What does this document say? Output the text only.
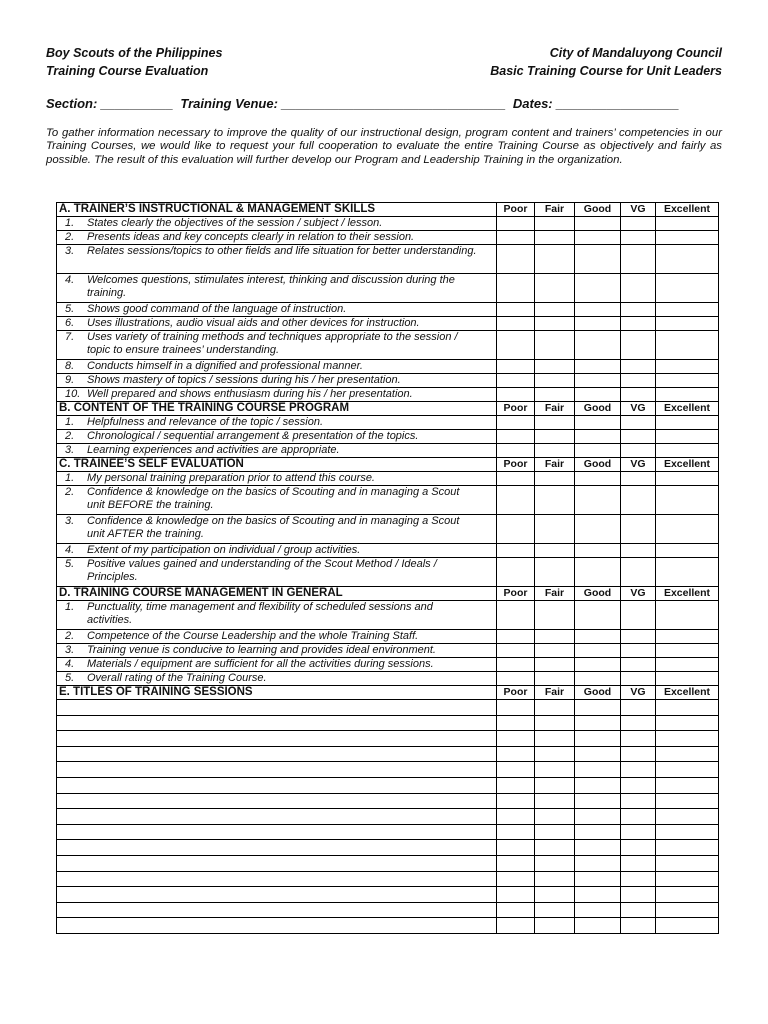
Boy Scouts of the Philippines	City of Mandaluyong Council
Training Course Evaluation	Basic Training Course for Unit Leaders
Section: __________  Training Venue: _______________________________  Dates: _________________
To gather information necessary to improve the quality of our instructional design, program content and trainers’ competencies in our Training Courses, we would like to request your full cooperation to evaluate the entire Training Course as objectively and fairly as possible. The result of this evaluation will further develop our Program and Leadership Training in the organization.
A. TRAINER’S INSTRUCTIONAL & MANAGEMENT SKILLS	Poor	Fair	Good	VG	Excellent
1. States clearly the objectives of the session / subject / lesson.					
2. Presents ideas and key concepts clearly in relation to their session.					
3. Relates sessions/topics to other fields and life situation for better understanding.					
4. Welcomes questions, stimulates interest, thinking and discussion during the training.					
5. Shows good command of the language of instruction.					
6. Uses illustrations, audio visual aids and other devices for instruction.					
7. Uses variety of training methods and techniques appropriate to the session / topic to ensure trainees’ understanding.					
8. Conducts himself in a dignified and professional manner.					
9. Shows mastery of topics / sessions during his / her presentation.					
10. Well prepared and shows enthusiasm during his / her presentation.					
B. CONTENT OF THE TRAINING COURSE PROGRAM	Poor	Fair	Good	VG	Excellent
1. Helpfulness and relevance of the topic / session.					
2. Chronological / sequential arrangement & presentation of the topics.					
3. Learning experiences and activities are appropriate.					
C. TRAINEE’S SELF EVALUATION	Poor	Fair	Good	VG	Excellent
1. My personal training preparation prior to attend this course.					
2. Confidence & knowledge on the basics of Scouting and in managing a Scout unit BEFORE the training.					
3. Confidence & knowledge on the basics of Scouting and in managing a Scout unit AFTER the training.					
4. Extent of my participation on individual / group activities.					
5. Positive values gained and understanding of the Scout Method / Ideals / Principles.					
D. TRAINING COURSE MANAGEMENT IN GENERAL	Poor	Fair	Good	VG	Excellent
1. Punctuality, time management and flexibility of scheduled sessions and activities.					
2. Competence of the Course Leadership and the whole Training Staff.					
3. Training venue is conducive to learning and provides ideal environment.					
4. Materials / equipment are sufficient for all the activities during sessions.					
5. Overall rating of the Training Course.					
E. TITLES OF TRAINING SESSIONS	Poor	Fair	Good	VG	Excellent
